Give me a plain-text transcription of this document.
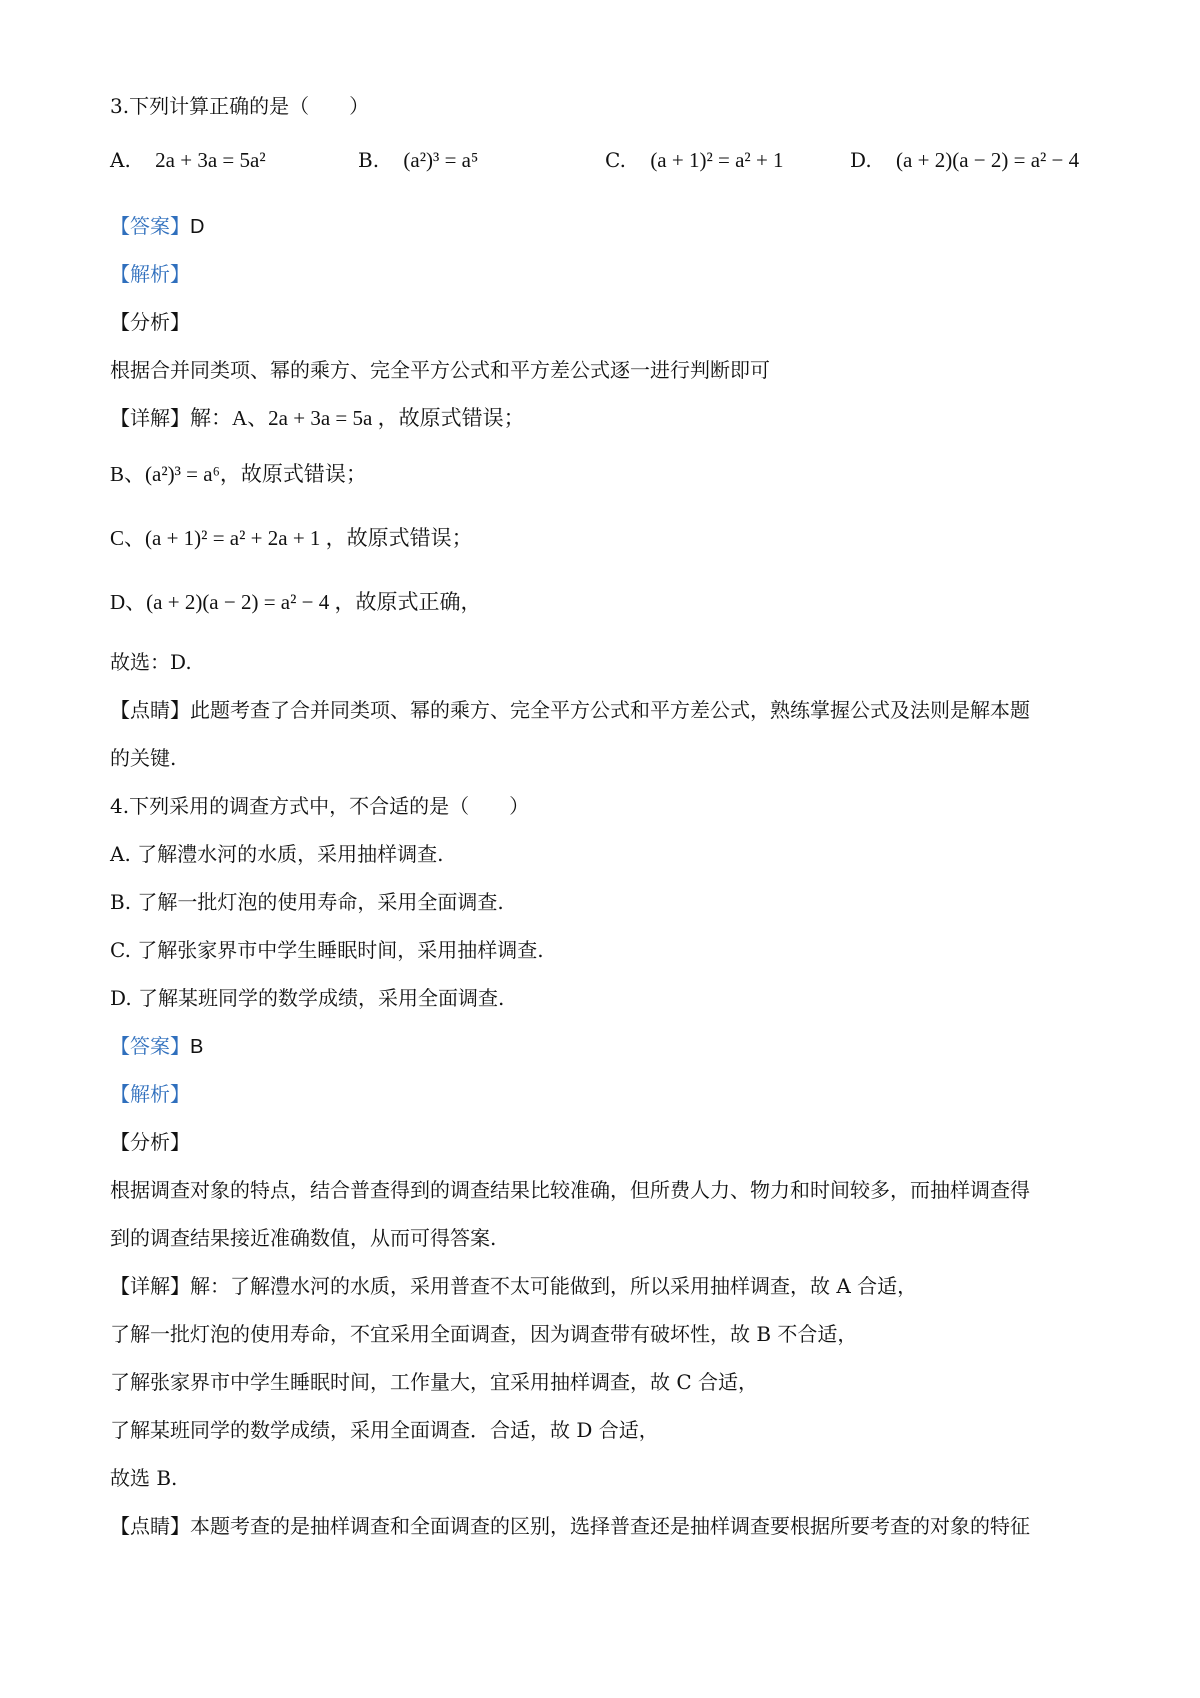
3.下列计算正确的是（　　）
A. 2a + 3a = 5a²	B. (a²)³ = a⁵	C. (a + 1)² = a² + 1	D. (a + 2)(a − 2) = a² − 4
【答案】D
【解析】
【分析】
根据合并同类项、幂的乘方、完全平方公式和平方差公式逐一进行判断即可
【详解】解：A、2a + 3a = 5a ，故原式错误；
B、(a²)³ = a⁶，故原式错误；
C、(a + 1)² = a² + 2a + 1 ，故原式错误；
D、(a + 2)(a − 2) = a² − 4 ，故原式正确，
故选：D.
【点睛】此题考查了合并同类项、幂的乘方、完全平方公式和平方差公式，熟练掌握公式及法则是解本题
的关键.
4.下列采用的调查方式中，不合适的是（　　）
A. 了解澧水河的水质，采用抽样调查.
B. 了解一批灯泡的使用寿命，采用全面调查.
C. 了解张家界市中学生睡眠时间，采用抽样调查.
D. 了解某班同学的数学成绩，采用全面调查.
【答案】B
【解析】
【分析】
根据调查对象的特点，结合普查得到的调查结果比较准确，但所费人力、物力和时间较多，而抽样调查得
到的调查结果接近准确数值，从而可得答案.
【详解】解：了解澧水河的水质，采用普查不太可能做到，所以采用抽样调查，故 A 合适，
了解一批灯泡的使用寿命，不宜采用全面调查，因为调查带有破坏性，故 B 不合适，
了解张家界市中学生睡眠时间，工作量大，宜采用抽样调查，故 C 合适，
了解某班同学的数学成绩，采用全面调查．合适，故 D 合适，
故选 B.
【点睛】本题考查的是抽样调查和全面调查的区别，选择普查还是抽样调查要根据所要考查的对象的特征
